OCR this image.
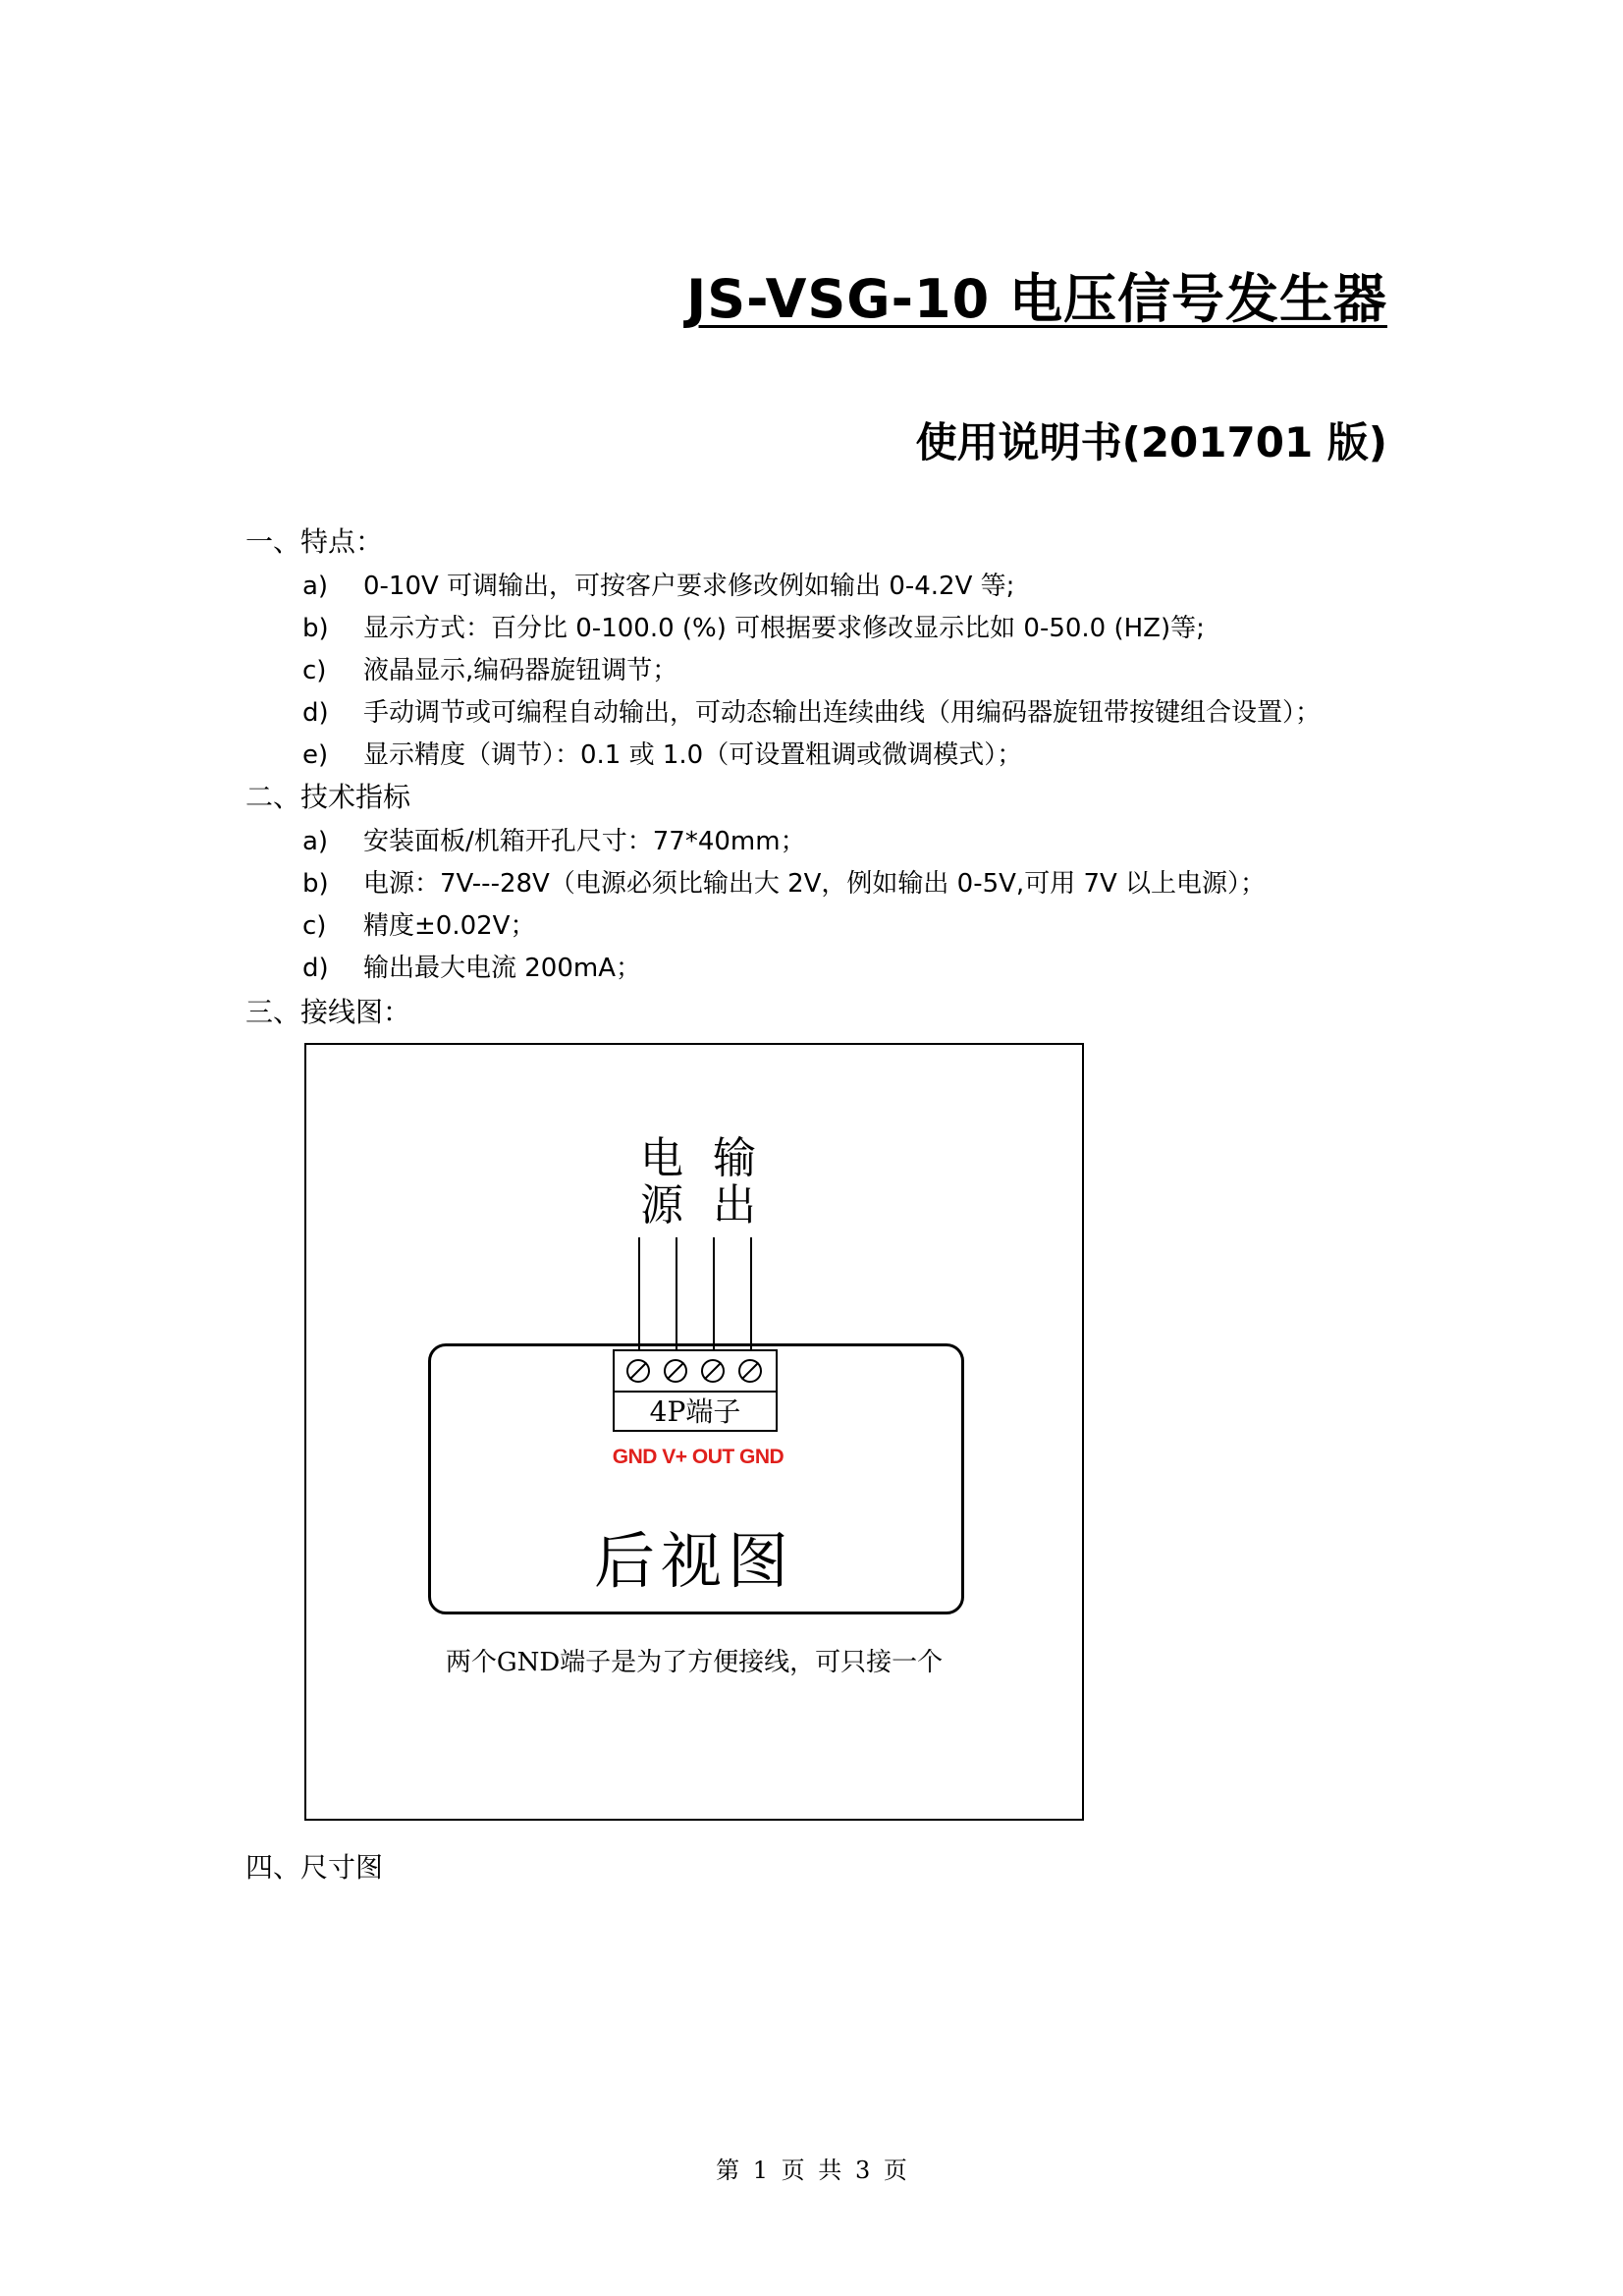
JS-VSG-10 电压信号发生器
使用说明书(201701 版)
一、特点：
a) 0-10V 可调输出，可按客户要求修改例如输出 0-4.2V 等;
b) 显示方式：百分比 0-100.0 (%) 可根据要求修改显示比如 0-50.0 (HZ)等;
c) 液晶显示,编码器旋钮调节；
d) 手动调节或可编程自动输出，可动态输出连续曲线（用编码器旋钮带按键组合设置）；
e) 显示精度（调节）：0.1 或 1.0（可设置粗调或微调模式）；
二、技术指标
a) 安装面板/机箱开孔尺寸：77*40mm；
b) 电源：7V---28V（电源必须比输出大 2V，例如输出 0-5V,可用 7V 以上电源）；
c) 精度±0.02V；
d) 输出最大电流 200mA；
三、接线图：
电
源
输
出
4P端子
GND V+ OUT GND
后视图
两个GND端子是为了方便接线，可只接一个
四、尺寸图
第 1 页 共 3 页
